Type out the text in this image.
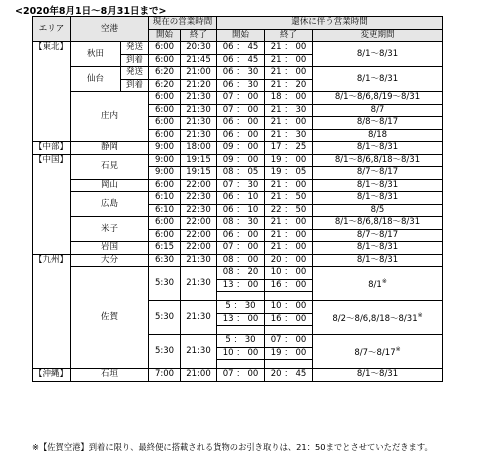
<2020年8月1日～8月31日まで>
エリア	空港		現在の営業時間		還休に伴う営業時間		
			開始	終了	開始	終了	変更期間
【東北】	秋田	発送	6:00	20:30	06 ： 45	21 ： 00	8/1～8/31
		到着	6:00	21:45	06 ： 45	21 ： 00	
	仙台	発送	6:20	21:00	06 ： 30	21 ： 00	8/1～8/31
		到着	6:20	21:20	06 ： 30	21 ： 20	
	庄内		6:00	21:30	07 ： 00	18 ： 00	8/1～8/6,8/19～8/31
			6:00	21:30	07 ： 00	21 ： 30	8/7
			6:00	21:30	06 ： 00	21 ： 00	8/8～8/17
			6:00	21:30	06 ： 00	21 ： 30	8/18
【中部】	静岡		9:00	18:00	09 ： 00	17 ： 25	8/1～8/31
【中国】	石見		9:00	19:15	09 ： 00	19 ： 00	8/1～8/6,8/18～8/31
			9:00	19:15	08 ： 05	19 ： 05	8/7～8/17
	岡山		6:00	22:00	07 ： 30	21 ： 00	8/1～8/31
	広島		6:10	22:30	06 ： 10	21 ： 50	8/1～8/31
			6:10	22:30	06 ： 10	22 ： 50	8/5
	米子		6:00	22:00	08 ： 30	21 ： 00	8/1～8/6,8/18～8/31
			6:00	22:00	06 ： 00	21 ： 00	8/7～8/17
	岩国		6:15	22:00	07 ： 00	21 ： 00	8/1～8/31
【九州】	大分		6:30	21:30	08 ： 00	20 ： 00	8/1～8/31
	佐賀		5:30	21:30	08 ： 20	10 ： 00	8/1※
					13 ： 00	16 ： 00	

			5:30	21:30	5 ： 30	10 ： 00	8/2～8/6,8/18～8/31※
					13 ： 00	16 ： 00	

			5:30	21:30	5 ： 30	07 ： 00	8/7～8/17※
					10 ： 00	19 ： 00	

【沖縄】	石垣		7:00	21:00	07 ： 00	20 ： 45	8/1～8/31
※【佐賀空港】到着に限り、最終便に搭載される貨物のお引き取りは、21：50までとさせていただきます。
